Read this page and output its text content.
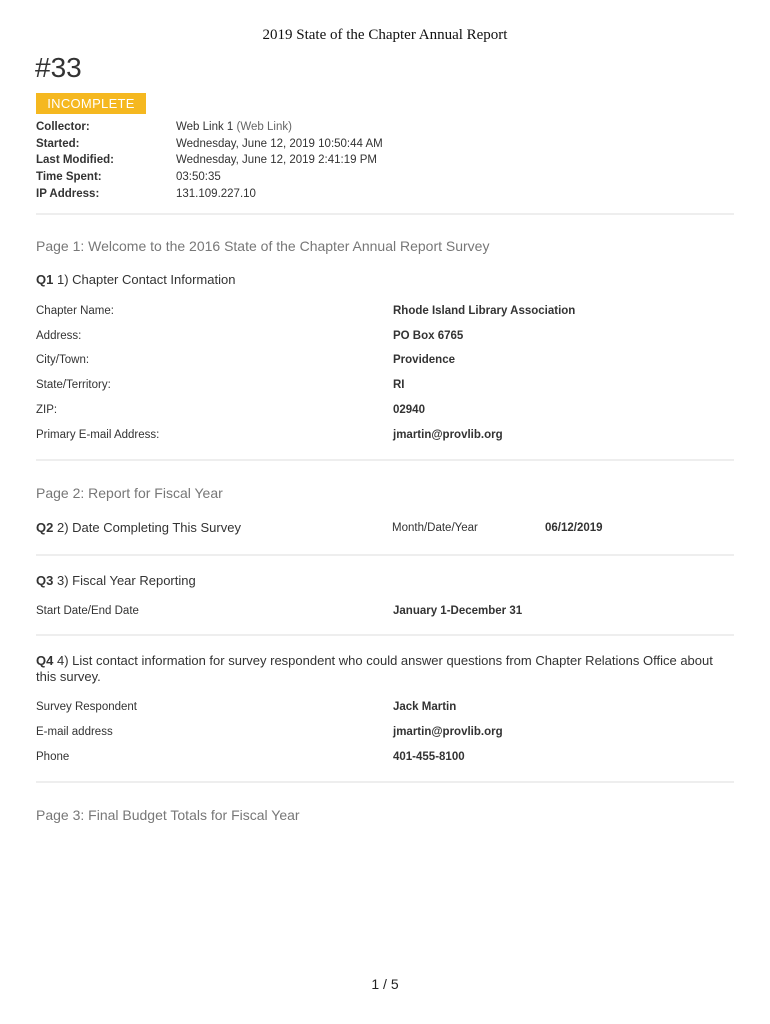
2019 State of the Chapter Annual Report
#33
INCOMPLETE
Collector:	Web Link 1 (Web Link)
Started:	Wednesday, June 12, 2019 10:50:44 AM
Last Modified:	Wednesday, June 12, 2019 2:41:19 PM
Time Spent:	03:50:35
IP Address:	131.109.227.10
Page 1: Welcome to the 2016 State of the Chapter Annual Report Survey
Q1 1) Chapter Contact Information
Chapter Name:	Rhode Island Library Association
Address:	PO Box 6765
City/Town:	Providence
State/Territory:	RI
ZIP:	02940
Primary E-mail Address:	jmartin@provlib.org
Page 2: Report for Fiscal Year
Q2 2) Date Completing This Survey	Month/Date/Year	06/12/2019
Q3 3) Fiscal Year Reporting
Start Date/End Date	January 1-December 31
Q4 4) List contact information for survey respondent who could answer questions from Chapter Relations Office about this survey.
Survey Respondent	Jack Martin
E-mail address	jmartin@provlib.org
Phone	401-455-8100
Page 3: Final Budget Totals for Fiscal Year
1 / 5
